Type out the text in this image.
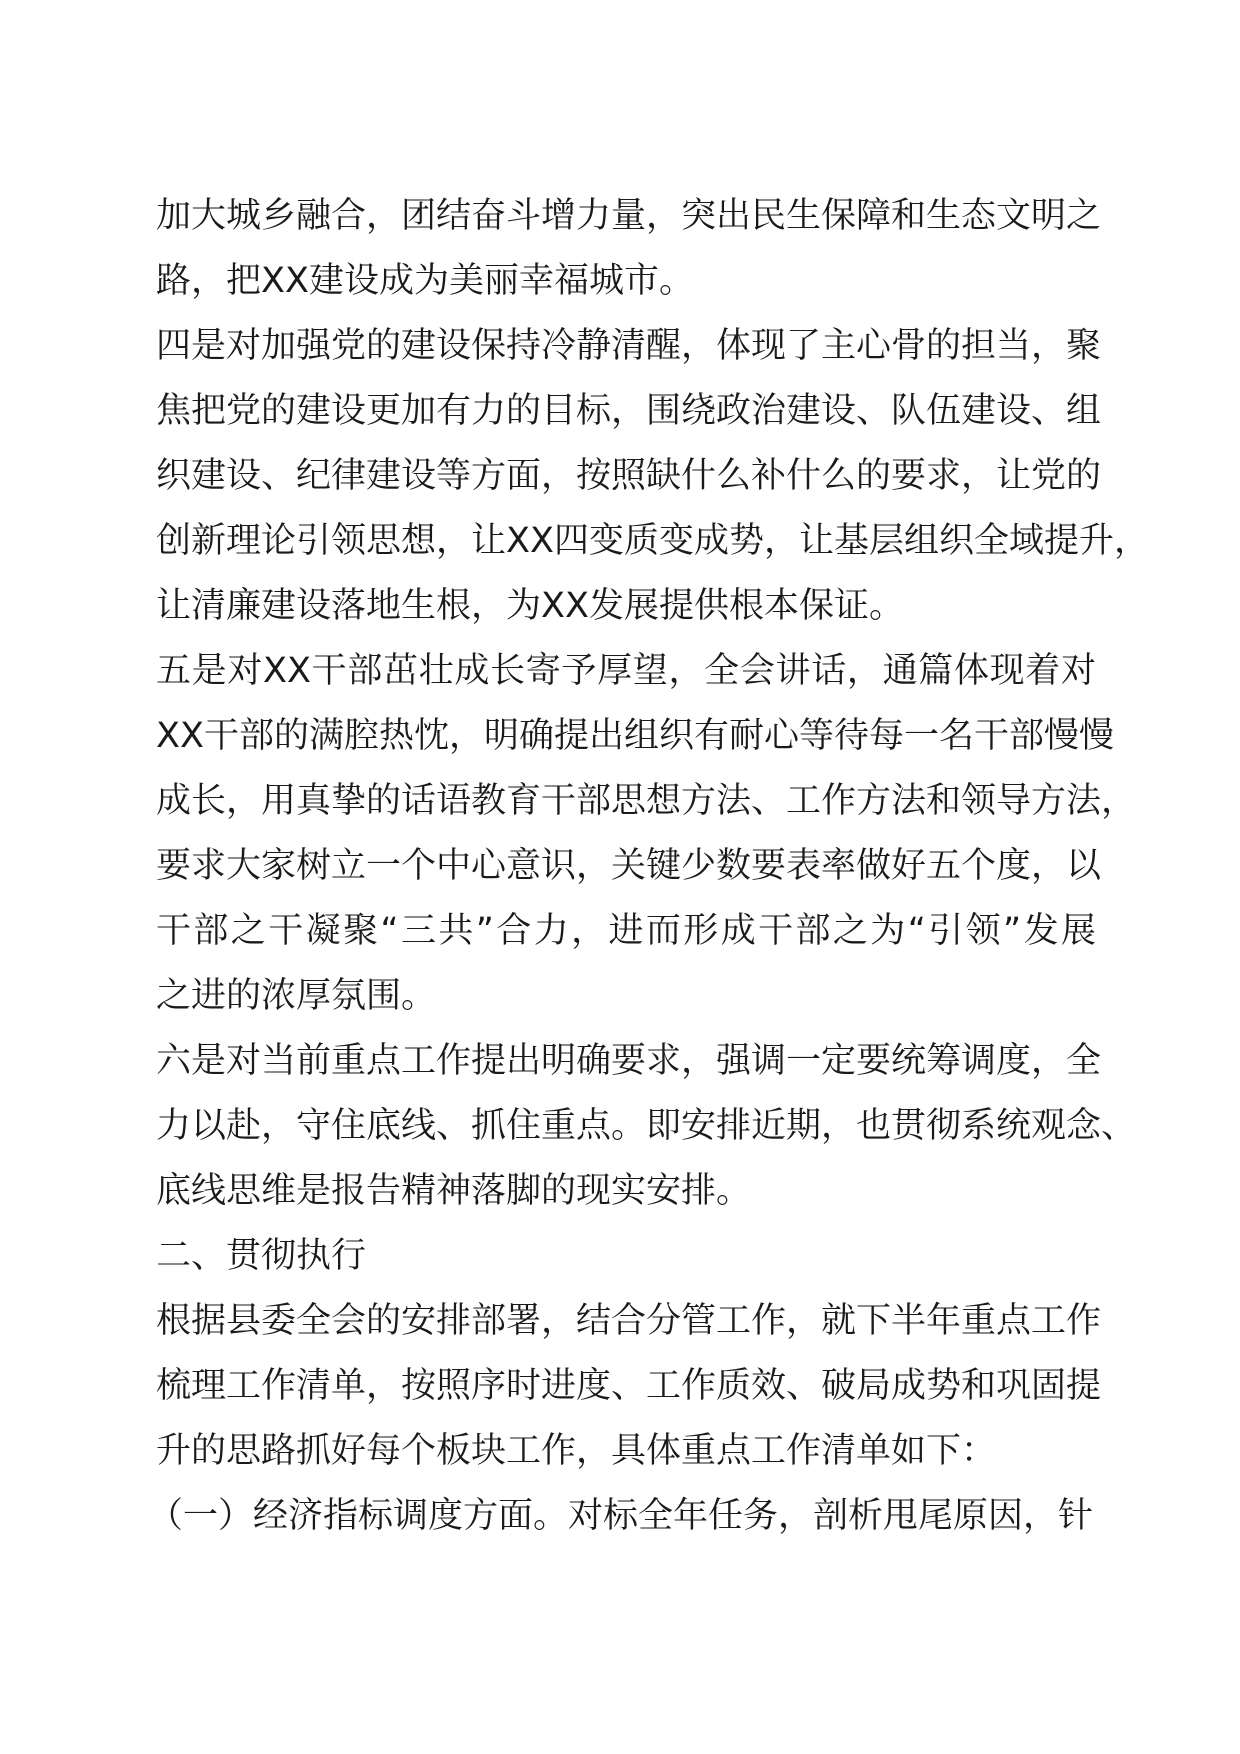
加大城乡融合，团结奋斗增力量，突出民生保障和生态文明之
路，把XX建设成为美丽幸福城市。
四是对加强党的建设保持冷静清醒，体现了主心骨的担当，聚
焦把党的建设更加有力的目标，围绕政治建设、队伍建设、组
织建设、纪律建设等方面，按照缺什么补什么的要求，让党的
创新理论引领思想，让XX四变质变成势，让基层组织全域提升，
让清廉建设落地生根，为XX发展提供根本保证。
五是对XX干部茁壮成长寄予厚望，全会讲话，通篇体现着对
XX干部的满腔热忱，明确提出组织有耐心等待每一名干部慢慢
成长，用真挚的话语教育干部思想方法、工作方法和领导方法，
要求大家树立一个中心意识，关键少数要表率做好五个度，以
干部之干凝聚“三共”合力，进而形成干部之为“引领”发展
之进的浓厚氛围。
六是对当前重点工作提出明确要求，强调一定要统筹调度，全
力以赴，守住底线、抓住重点。即安排近期，也贯彻系统观念、
底线思维是报告精神落脚的现实安排。
二、贯彻执行
根据县委全会的安排部署，结合分管工作，就下半年重点工作
梳理工作清单，按照序时进度、工作质效、破局成势和巩固提
升的思路抓好每个板块工作，具体重点工作清单如下：
（一）经济指标调度方面。对标全年任务，剖析甩尾原因，针
